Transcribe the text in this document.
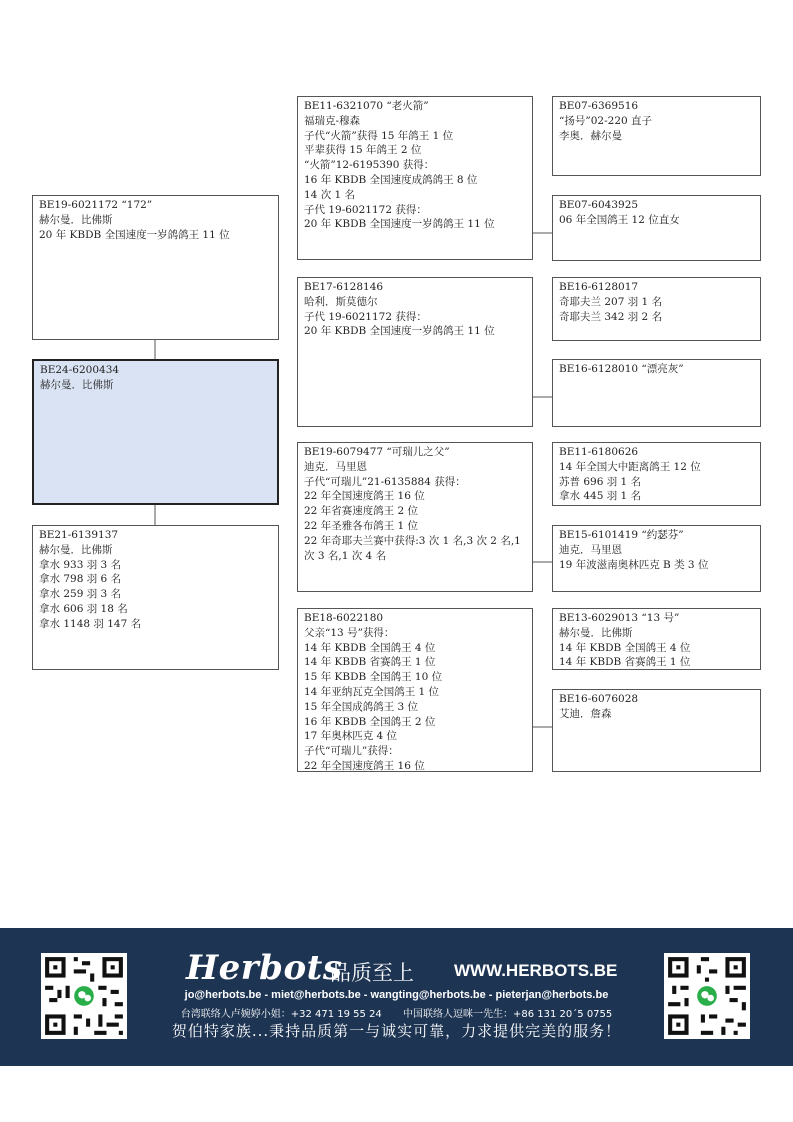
BE19-6021172 “172”
赫尔曼．比佛斯
20 年 KBDB 全国速度一岁鸽鸽王 11 位
BE24-6200434
赫尔曼．比佛斯
BE21-6139137
赫尔曼．比佛斯
拿水 933 羽 3 名
拿水 798 羽 6 名
拿水 259 羽 3 名
拿水 606 羽 18 名
拿水 1148 羽 147 名
BE11-6321070 “老火箭”
福瑞克-穆森
子代“火箭”获得 15 年鸽王 1 位
平辈获得 15 年鸽王 2 位
“火箭”12-6195390 获得：
16 年 KBDB 全国速度成鸽鸽王 8 位
14 次 1 名
子代 19-6021172 获得：
20 年 KBDB 全国速度一岁鸽鸽王 11 位
BE17-6128146
哈利．斯莫德尔
子代 19-6021172 获得：
20 年 KBDB 全国速度一岁鸽鸽王 11 位
BE19-6079477 “可瑞儿之父”
迪克．马里恩
子代“可瑞儿”21-6135884 获得：
22 年全国速度鸽王 16 位
22 年省赛速度鸽王 2 位
22 年圣雅各布鸽王 1 位
22 年奇耶夫兰赛中获得:3 次 1 名,3 次 2 名,1 次 3 名,1 次 4 名
BE18-6022180
父亲“13 号”获得：
14 年 KBDB 全国鸽王 4 位
14 年 KBDB 省赛鸽王 1 位
15 年 KBDB 全国鸽王 10 位
14 年亚纳瓦克全国鸽王 1 位
15 年全国成鸽鸽王 3 位
16 年 KBDB 全国鸽王 2 位
17 年奥林匹克 4 位
子代“可瑞儿”获得：
22 年全国速度鸽王 16 位
BE07-6369516
“扬号”02-220 直子
李奥．赫尔曼
BE07-6043925
06 年全国鸽王 12 位直女
BE16-6128017
奇耶夫兰 207 羽 1 名
奇耶夫兰 342 羽 2 名
BE16-6128010 “漂亮灰”
BE11-6180626
14 年全国大中距离鸽王 12 位
苏普 696 羽 1 名
拿水 445 羽 1 名
BE15-6101419 “约瑟芬”
迪克．马里恩
19 年波滋南奥林匹克 B 类 3 位
BE13-6029013 “13 号”
赫尔曼．比佛斯
14 年 KBDB 全国鸽王 4 位
14 年 KBDB 省赛鸽王 1 位
BE16-6076028
艾迪．詹森
Herbots
品质至上 WWW.HERBOTS.BE
jo@herbots.be - miet@herbots.be - wangting@herbots.be - pieterjan@herbots.be
台湾联络人卢婉婷小姐：+32 471 19 55 24 中国联络人逗咪一先生：+86 131 20´5 0755
贺伯特家族...秉持品质第一与诚实可靠，力求提供完美的服务！
